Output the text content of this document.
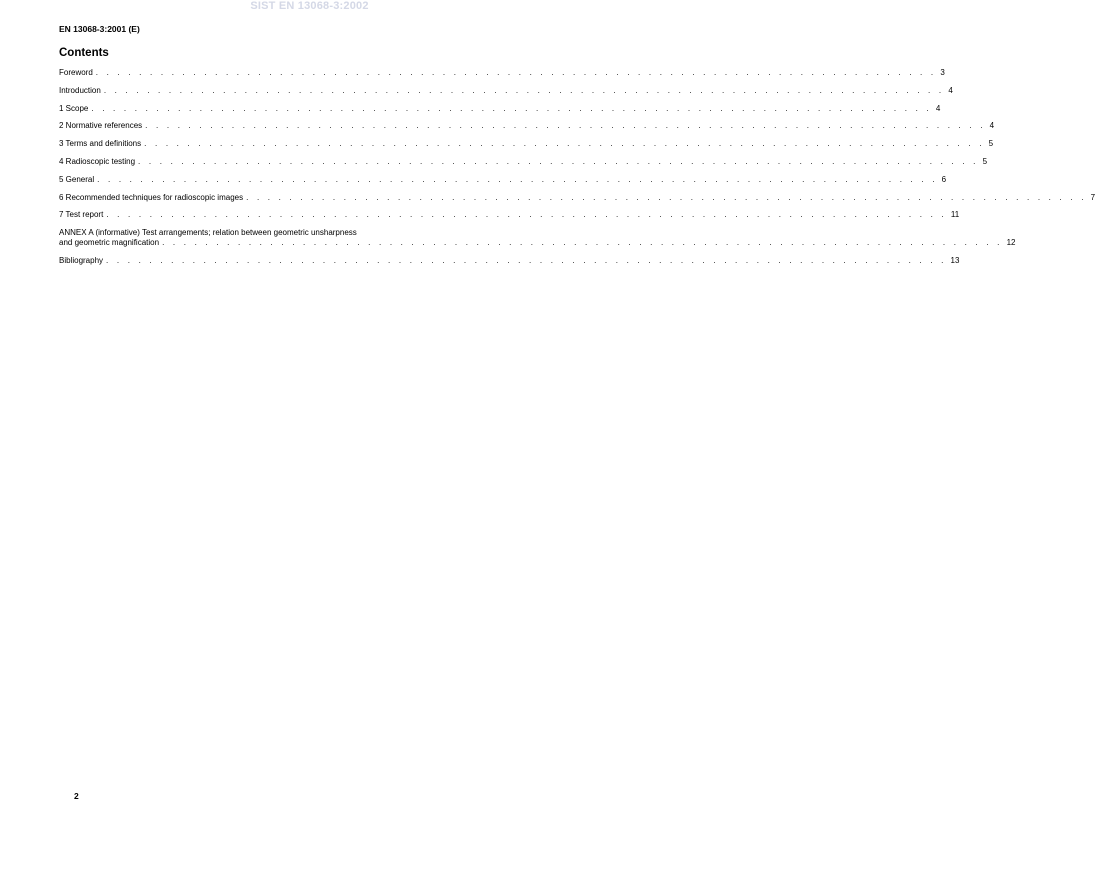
SIST EN 13068-3:2002
EN 13068-3:2001 (E)
Contents
Foreword . . . . . . . . . . . . . . . . . . . . . . . . . . . . . . . . . . . . . . . . . . . . . . . . . . . . . . . . . . . . . . . . . . . . . . . . . . . . . . 3
Introduction . . . . . . . . . . . . . . . . . . . . . . . . . . . . . . . . . . . . . . . . . . . . . . . . . . . . . . . . . . . . . . . . . . . . . . . . . . . . . . 4
1 Scope . . . . . . . . . . . . . . . . . . . . . . . . . . . . . . . . . . . . . . . . . . . . . . . . . . . . . . . . . . . . . . . . . . . . . . . . . . . . . . 4
2 Normative references . . . . . . . . . . . . . . . . . . . . . . . . . . . . . . . . . . . . . . . . . . . . . . . . . . . . . . . . . . . . . . . . . . . . . . . . . . . . . . 4
3 Terms and definitions . . . . . . . . . . . . . . . . . . . . . . . . . . . . . . . . . . . . . . . . . . . . . . . . . . . . . . . . . . . . . . . . . . . . . . . . . . . . . . 5
4 Radioscopic testing . . . . . . . . . . . . . . . . . . . . . . . . . . . . . . . . . . . . . . . . . . . . . . . . . . . . . . . . . . . . . . . . . . . . . . . . . . . . . . 5
5 General . . . . . . . . . . . . . . . . . . . . . . . . . . . . . . . . . . . . . . . . . . . . . . . . . . . . . . . . . . . . . . . . . . . . . . . . . . . . . . 6
6 Recommended techniques for radioscopic images . . . . . . . . . . . . . . . . . . . . . . . . . . . . . . . . . . . . . . . . . . . . . . . . . . . . . . . . . . . . . . . . . . . . . . . . . . . . . . 7
7 Test report . . . . . . . . . . . . . . . . . . . . . . . . . . . . . . . . . . . . . . . . . . . . . . . . . . . . . . . . . . . . . . . . . . . . . . . . . . . . . . 11
ANNEX A (informative) Test arrangements; relation between geometric unsharpness
and geometric magnification . . . . . . . . . . . . . . . . . . . . . . . . . . . . . . . . . . . . . . . . . . . . . . . . . . . . . . . . . . . . . . . . . . . . . . . . . . . . . . 12
Bibliography . . . . . . . . . . . . . . . . . . . . . . . . . . . . . . . . . . . . . . . . . . . . . . . . . . . . . . . . . . . . . . . . . . . . . . . . . . . . . . 13
2
